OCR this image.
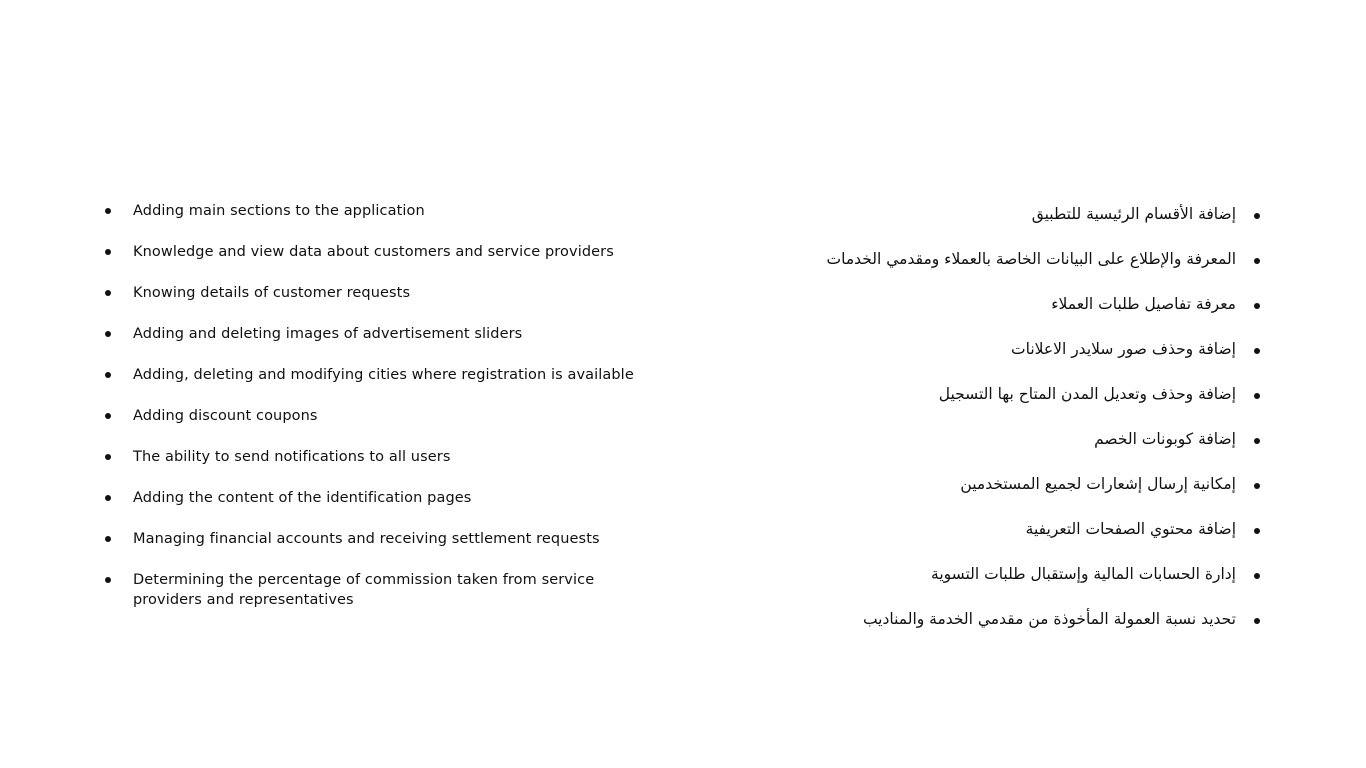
Adding main sections to the application
Knowledge and view data about customers and service providers
Knowing details of customer requests
Adding and deleting images of advertisement sliders
Adding, deleting and modifying cities where registration is available
Adding discount coupons
The ability to send notifications to all users
Adding the content of the identification pages
Managing financial accounts and receiving settlement requests
Determining the percentage of commission taken from service providers and representatives
إضافة الأقسام الرئيسية للتطبيق
المعرفة والإطلاع على البيانات الخاصة بالعملاء ومقدمي الخدمات
معرفة تفاصيل طلبات العملاء
إضافة وحذف صور سلايدر الاعلانات
إضافة وحذف وتعديل المدن المتاح بها التسجيل
إضافة كوبونات الخصم
إمكانية إرسال إشعارات لجميع المستخدمين
إضافة محتوي الصفحات التعريفية
إدارة الحسابات المالية وإستقبال طلبات التسوية
تحديد نسبة العمولة المأخوذة من مقدمي الخدمة والمناديب
